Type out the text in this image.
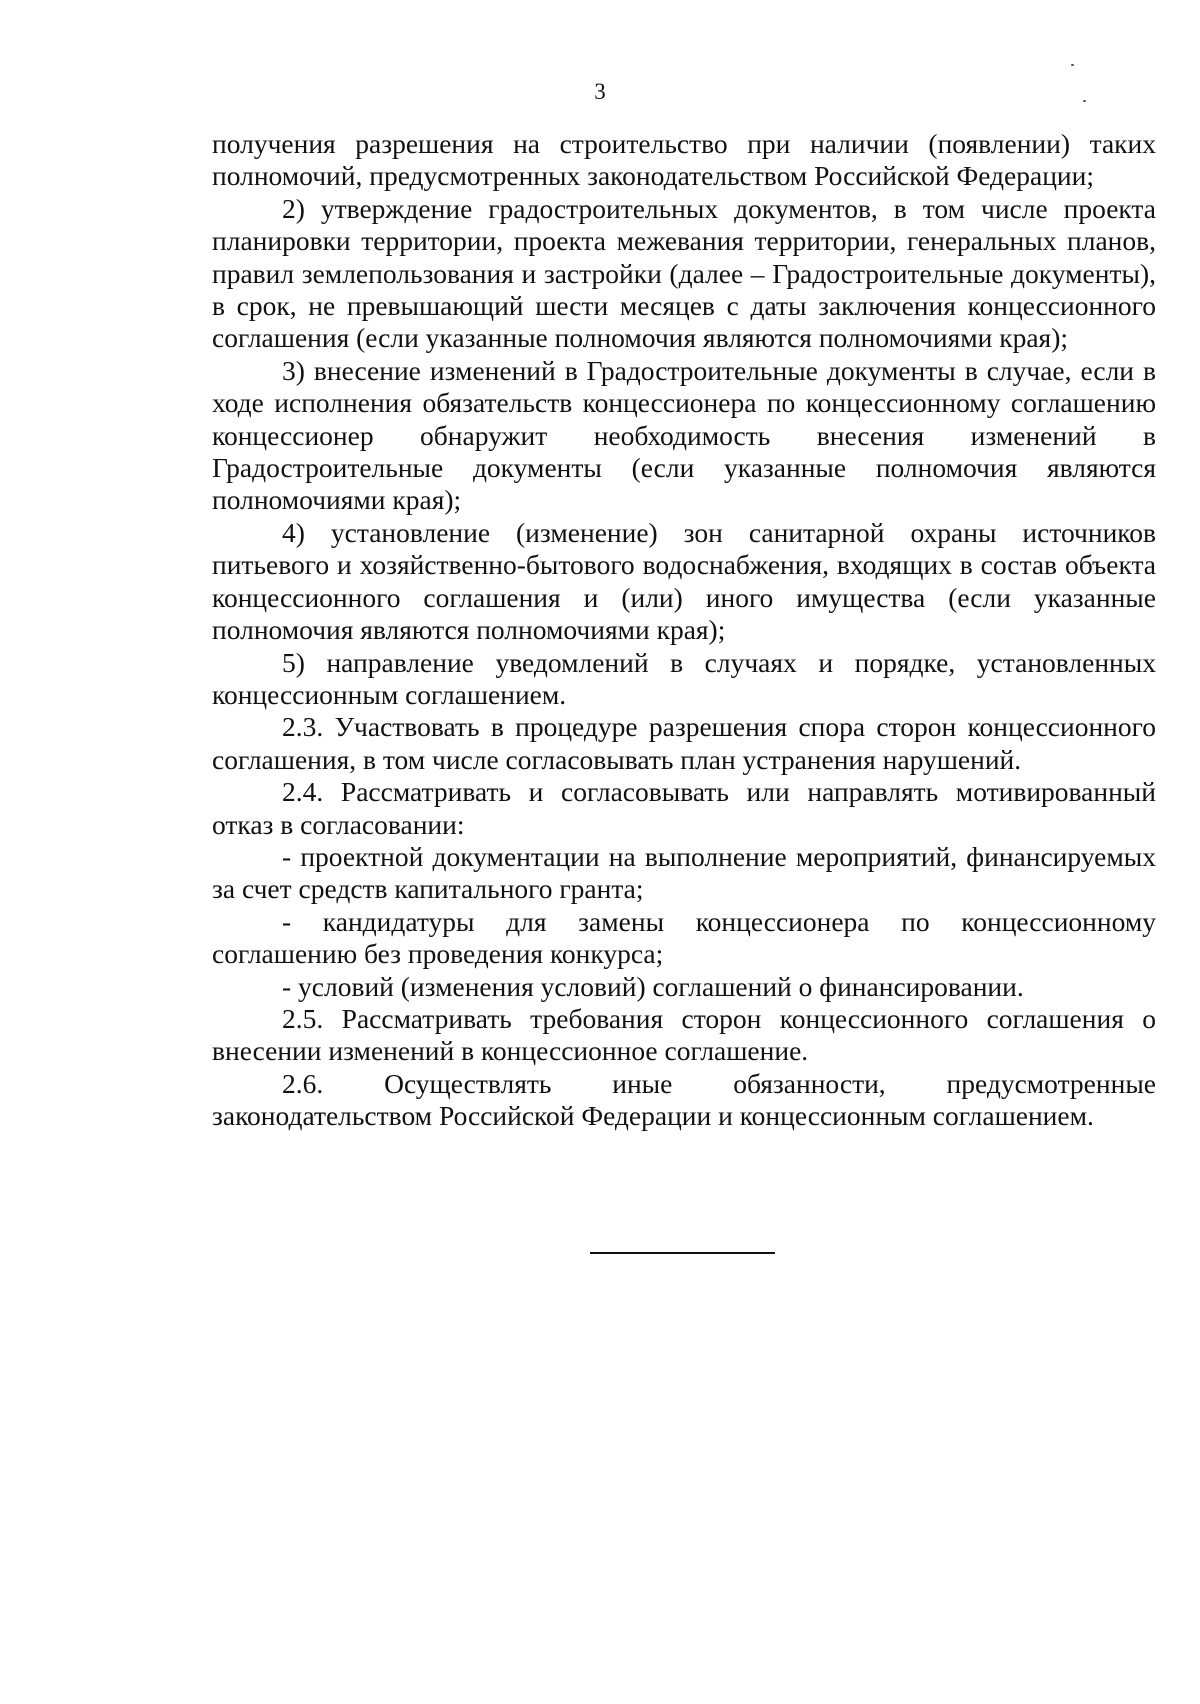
3

получения разрешения на строительство при наличии (появлении) таких полномочий, предусмотренных законодательством Российской Федерации;

2) утверждение градостроительных документов, в том числе проекта планировки территории, проекта межевания территории, генеральных планов, правил землепользования и застройки (далее – Градостроительные документы), в срок, не превышающий шести месяцев с даты заключения концессионного соглашения (если указанные полномочия являются полномочиями края);

3) внесение изменений в Градостроительные документы в случае, если в ходе исполнения обязательств концессионера по концессионному соглашению концессионер обнаружит необходимость внесения изменений в Градостроительные документы (если указанные полномочия являются полномочиями края);

4) установление (изменение) зон санитарной охраны источников питьевого и хозяйственно-бытового водоснабжения, входящих в состав объекта концессионного соглашения и (или) иного имущества (если указанные полномочия являются полномочиями края);

5) направление уведомлений в случаях и порядке, установленных концессионным соглашением.

2.3. Участвовать в процедуре разрешения спора сторон концессионного соглашения, в том числе согласовывать план устранения нарушений.

2.4. Рассматривать и согласовывать или направлять мотивированный отказ в согласовании:

- проектной документации на выполнение мероприятий, финансируемых за счет средств капитального гранта;

- кандидатуры для замены концессионера по концессионному соглашению без проведения конкурса;

- условий (изменения условий) соглашений о финансировании.

2.5. Рассматривать требования сторон концессионного соглашения о внесении изменений в концессионное соглашение.

2.6. Осуществлять иные обязанности, предусмотренные законодательством Российской Федерации и концессионным соглашением.
